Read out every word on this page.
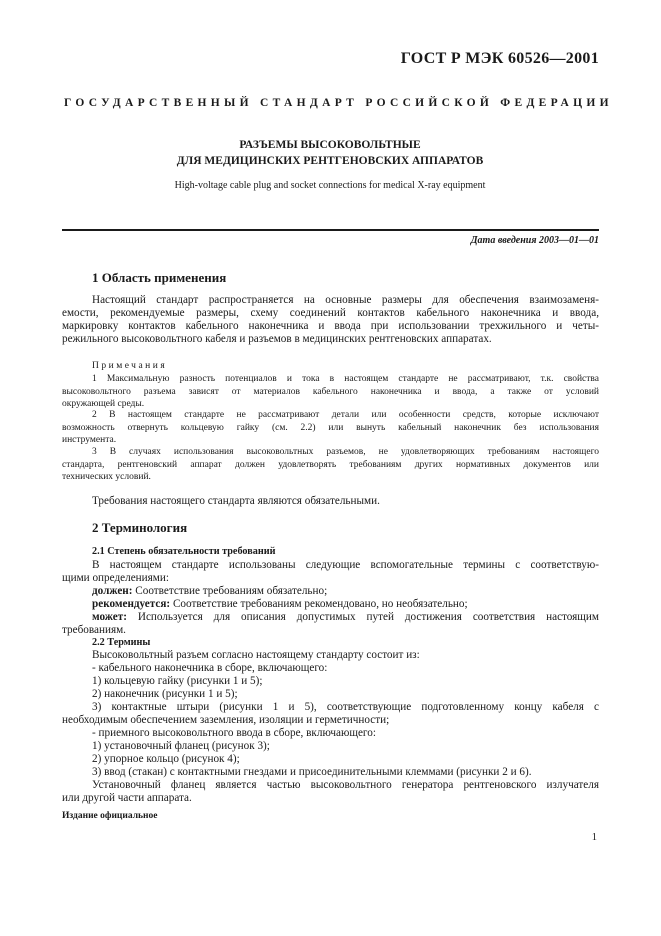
ГОСТ Р МЭК 60526—2001
ГОСУДАРСТВЕННЫЙ СТАНДАРТ РОССИЙСКОЙ ФЕДЕРАЦИИ
РАЗЪЕМЫ ВЫСОКОВОЛЬТНЫЕ
ДЛЯ МЕДИЦИНСКИХ РЕНТГЕНОВСКИХ АППАРАТОВ
High-voltage cable plug and socket connections for medical X-ray equipment
Дата введения 2003—01—01
1 Область применения
Настоящий стандарт распространяется на основные размеры для обеспечения взаимозаменя-
емости, рекомендуемые размеры, схему соединений контактов кабельного наконечника и ввода,
маркировку контактов кабельного наконечника и ввода при использовании трехжильного и четы-
режильного высоковольтного кабеля и разъемов в медицинских рентгеновских аппаратах.
Примечания
1 Максимальную разность потенциалов и тока в настоящем стандарте не рассматривают, т.к. свойства
высоковольтного разъема зависят от материалов кабельного наконечника и ввода, а также от условий
окружающей среды.
2 В настоящем стандарте не рассматривают детали или особенности средств, которые исключают
возможность отвернуть кольцевую гайку (см. 2.2) или вынуть кабельный наконечник без использования
инструмента.
3 В случаях использования высоковольтных разъемов, не удовлетворяющих требованиям настоящего
стандарта, рентгеновский аппарат должен удовлетворять требованиям других нормативных документов или
технических условий.
Требования настоящего стандарта являются обязательными.
2 Терминология
2.1 Степень обязательности требований
В настоящем стандарте использованы следующие вспомогательные термины с соответствую-
щими определениями:
должен: Соответствие требованиям обязательно;
рекомендуется: Соответствие требованиям рекомендовано, но необязательно;
может: Используется для описания допустимых путей достижения соответствия настоящим
требованиям.
2.2 Термины
Высоковольтный разъем согласно настоящему стандарту состоит из:
- кабельного наконечника в сборе, включающего:
1) кольцевую гайку (рисунки 1 и 5);
2) наконечник (рисунки 1 и 5);
3) контактные штыри (рисунки 1 и 5), соответствующие подготовленному концу кабеля с
необходимым обеспечением заземления, изоляции и герметичности;
- приемного высоковольтного ввода в сборе, включающего:
1) установочный фланец (рисунок 3);
2) упорное кольцо (рисунок 4);
3) ввод (стакан) с контактными гнездами и присоединительными клеммами (рисунки 2 и 6).
Установочный фланец является частью высоковольтного генератора рентгеновского излучателя
или другой части аппарата.
Издание официальное
1
